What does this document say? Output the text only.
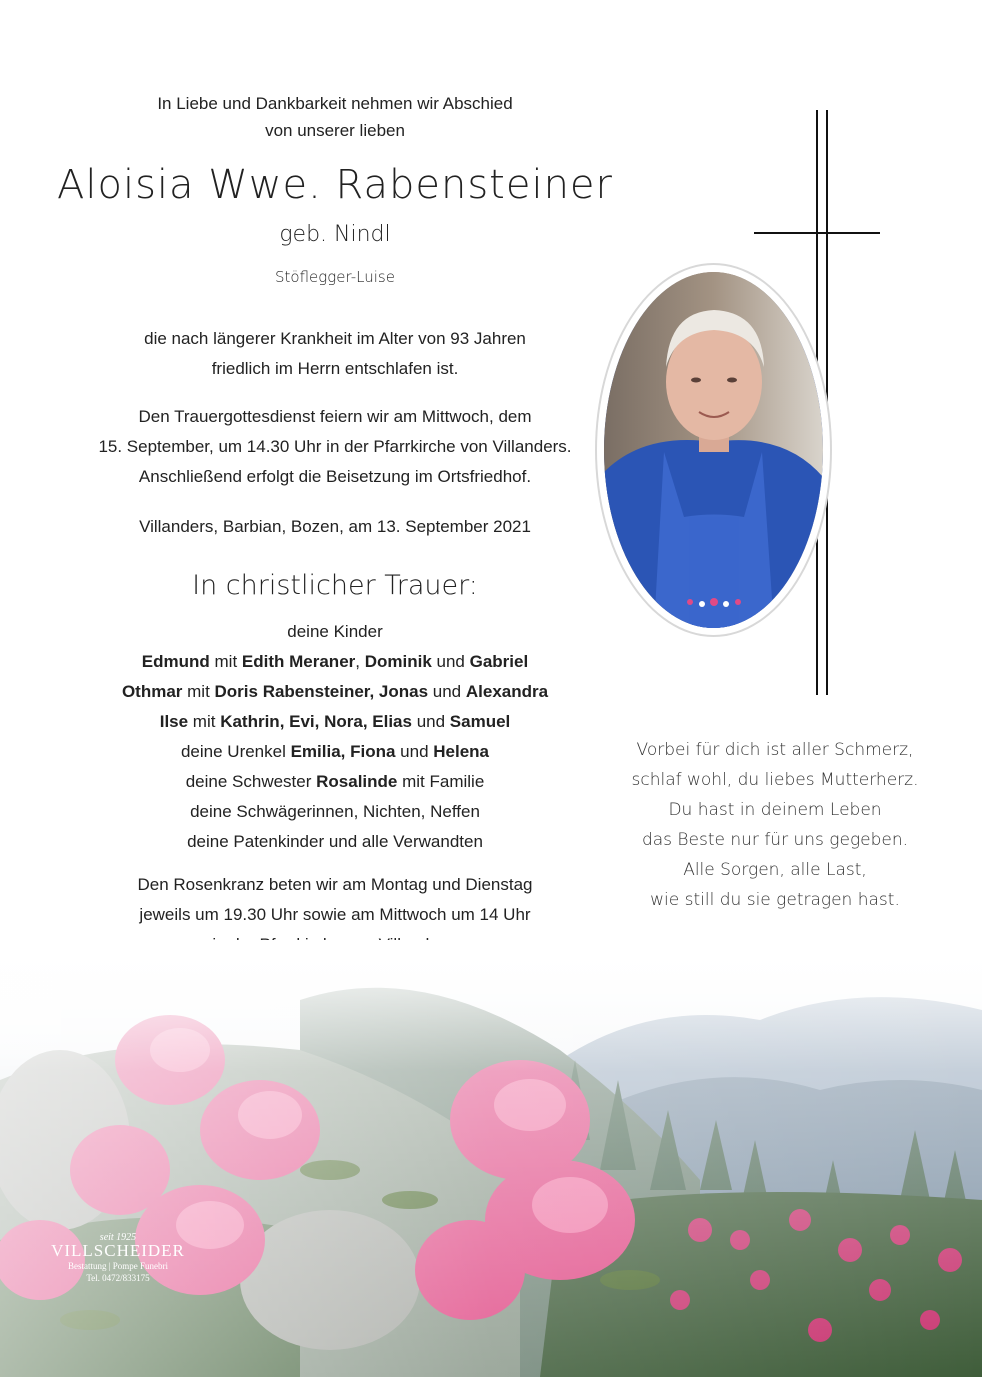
In Liebe und Dankbarkeit nehmen wir Abschied
von unserer lieben
Aloisia Wwe. Rabensteiner
geb. Nindl
Stöflegger-Luise
die nach längerer Krankheit im Alter von 93 Jahren
friedlich im Herrn entschlafen ist.
Den Trauergottesdienst feiern wir am Mittwoch, dem
15. September, um 14.30 Uhr in der Pfarrkirche von Villanders.
Anschließend erfolgt die Beisetzung im Ortsfriedhof.
Villanders, Barbian, Bozen, am 13. September 2021
In christlicher Trauer:
deine Kinder
Edmund mit Edith Meraner, Dominik und Gabriel
Othmar mit Doris Rabensteiner, Jonas und Alexandra
Ilse mit Kathrin, Evi, Nora, Elias und Samuel
deine Urenkel Emilia, Fiona und Helena
deine Schwester Rosalinde mit Familie
deine Schwägerinnen, Nichten, Neffen
deine Patenkinder und alle Verwandten
Den Rosenkranz beten wir am Montag und Dienstag
jeweils um 19.30 Uhr sowie am Mittwoch um 14 Uhr
Vorbei für dich ist aller Schmerz,
schlaf wohl, du liebes Mutterherz.
Du hast in deinem Leben
das Beste nur für uns gegeben.
Alle Sorgen, alle Last,
wie still du sie getragen hast.
seit 1925
VILLSCHEIDER
Bestattung | Pompe Funebri
Tel. 0472/833175
